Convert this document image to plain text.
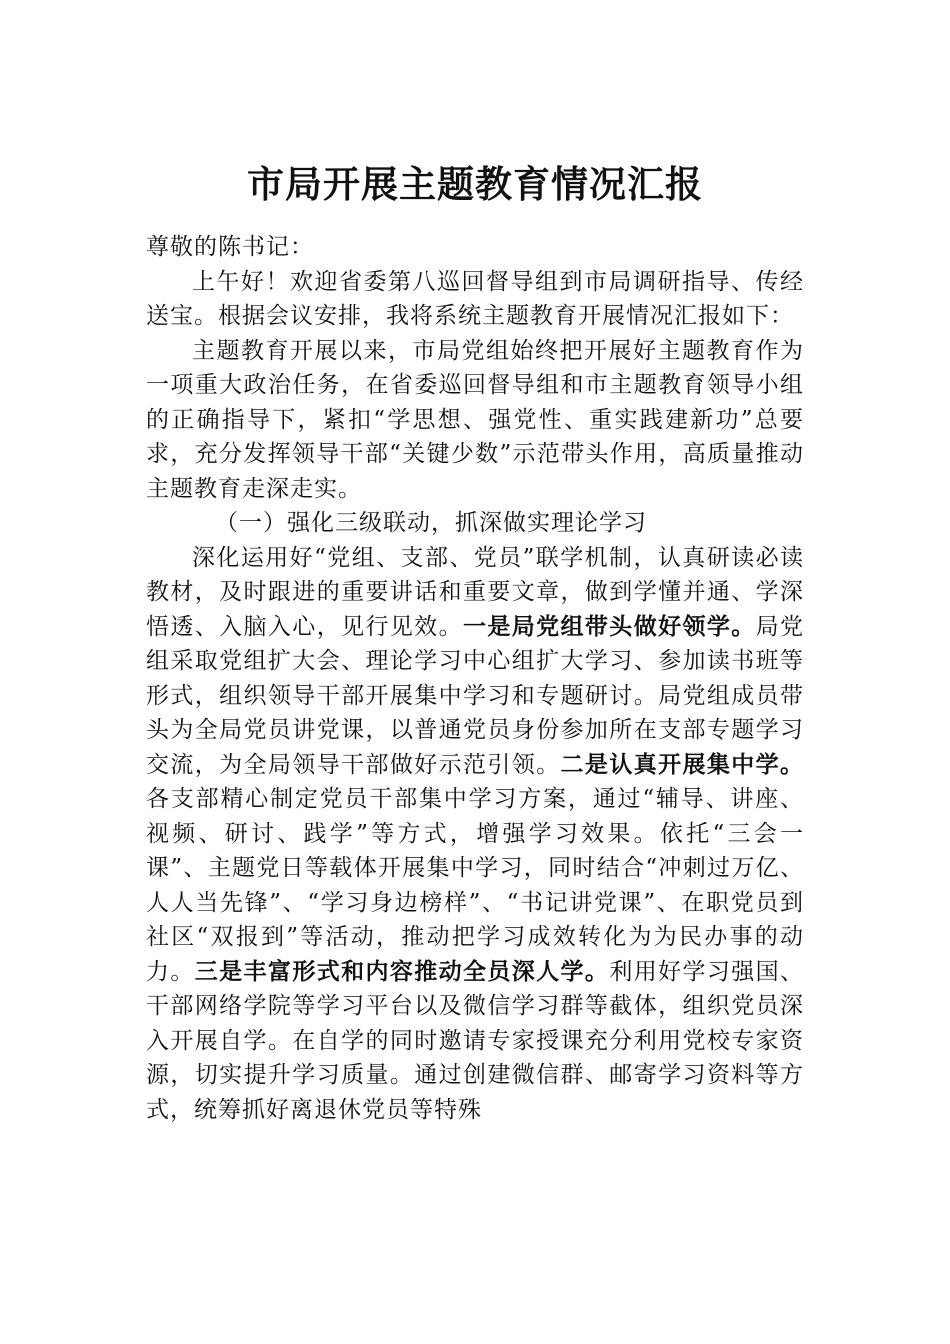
市局开展主题教育情况汇报

尊敬的陈书记：

上午好！欢迎省委第八巡回督导组到市局调研指导、传经送宝。根据会议安排，我将系统主题教育开展情况汇报如下：

主题教育开展以来，市局党组始终把开展好主题教育作为一项重大政治任务，在省委巡回督导组和市主题教育领导小组的正确指导下，紧扣“学思想、强党性、重实践建新功”总要求，充分发挥领导干部“关键少数”示范带头作用，高质量推动主题教育走深走实。

（一）强化三级联动，抓深做实理论学习

深化运用好“党组、支部、党员”联学机制，认真研读必读教材，及时跟进的重要讲话和重要文章，做到学懂并通、学深悟透、入脑入心，见行见效。一是局党组带头做好领学。局党组采取党组扩大会、理论学习中心组扩大学习、参加读书班等形式，组织领导干部开展集中学习和专题研讨。局党组成员带头为全局党员讲党课，以普通党员身份参加所在支部专题学习交流，为全局领导干部做好示范引领。二是认真开展集中学。各支部精心制定党员干部集中学习方案，通过“辅导、讲座、视频、研讨、践学”等方式，增强学习效果。依托“三会一课”、主题党日等载体开展集中学习，同时结合“冲刺过万亿、人人当先锋”、“学习身边榜样”、“书记讲党课”、在职党员到社区“双报到”等活动，推动把学习成效转化为为民办事的动力。三是丰富形式和内容推动全员深人学。利用好学习强国、干部网络学院等学习平台以及微信学习群等截体，组织党员深入开展自学。在自学的同时邀请专家授课充分利用党校专家资源，切实提升学习质量。通过创建微信群、邮寄学习资料等方式，统筹抓好离退休党员等特殊
